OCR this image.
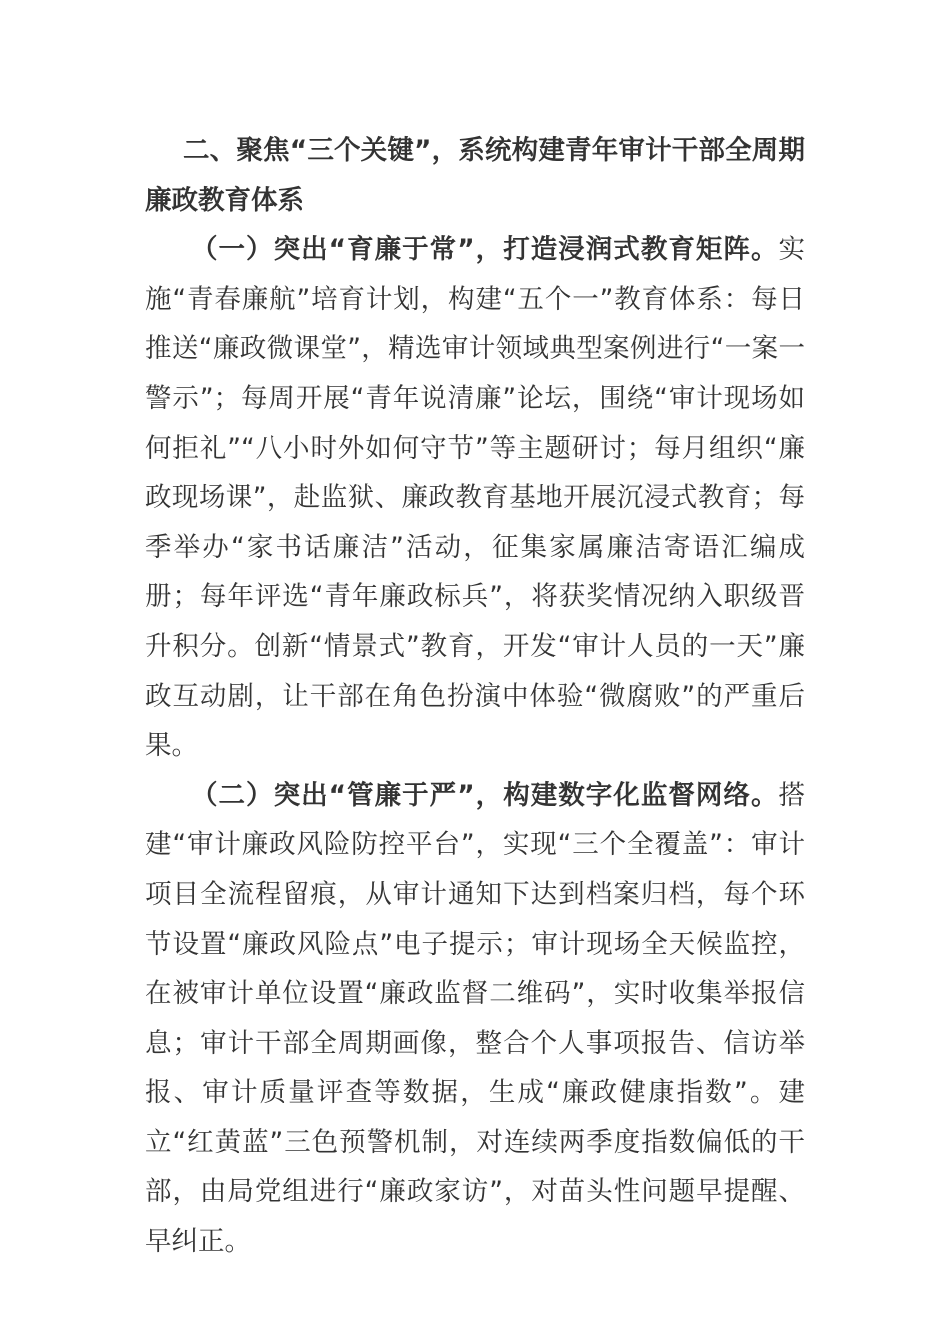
二、聚焦“三个关键”，系统构建青年审计干部全周期廉政教育体系

（一）突出“育廉于常”，打造浸润式教育矩阵。实施“青春廉航”培育计划，构建“五个一”教育体系：每日推送“廉政微课堂”，精选审计领域典型案例进行“一案一警示”；每周开展“青年说清廉”论坛，围绕“审计现场如何拒礼”“八小时外如何守节”等主题研讨；每月组织“廉政现场课”，赴监狱、廉政教育基地开展沉浸式教育；每季举办“家书话廉洁”活动，征集家属廉洁寄语汇编成册；每年评选“青年廉政标兵”，将获奖情况纳入职级晋升积分。创新“情景式”教育，开发“审计人员的一天”廉政互动剧，让干部在角色扮演中体验“微腐败”的严重后果。

（二）突出“管廉于严”，构建数字化监督网络。搭建“审计廉政风险防控平台”，实现“三个全覆盖”：审计项目全流程留痕，从审计通知下达到档案归档，每个环节设置“廉政风险点”电子提示；审计现场全天候监控，在被审计单位设置“廉政监督二维码”，实时收集举报信息；审计干部全周期画像，整合个人事项报告、信访举报、审计质量评查等数据，生成“廉政健康指数”。建立“红黄蓝”三色预警机制，对连续两季度指数偏低的干部，由局党组进行“廉政家访”，对苗头性问题早提醒、早纠正。
